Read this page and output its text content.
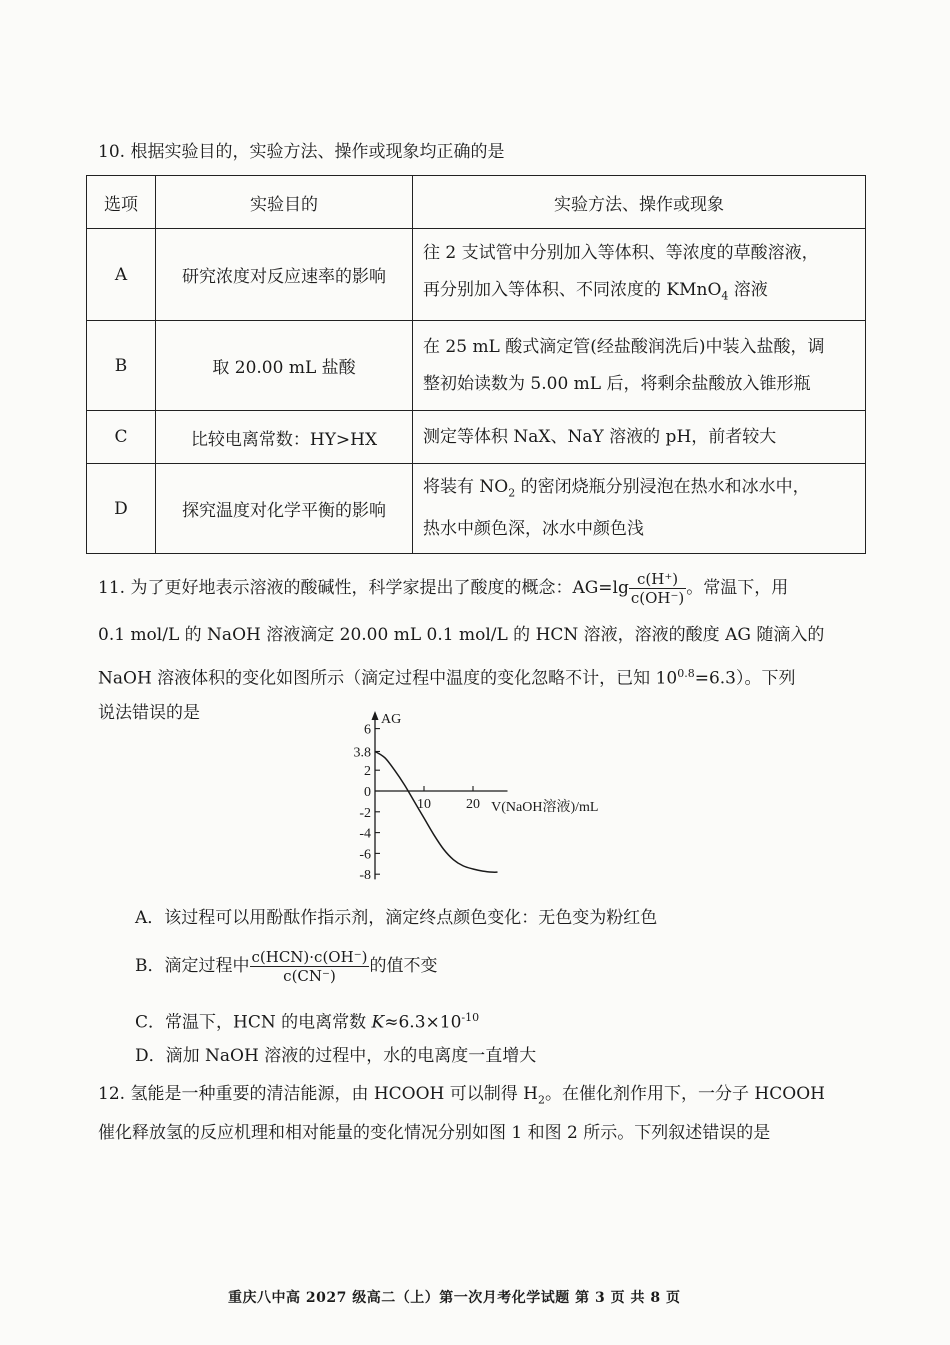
10. 根据实验目的，实验方法、操作或现象均正确的是
选项	实验目的	实验方法、操作或现象
A	研究浓度对反应速率的影响	往 2 支试管中分别加入等体积、等浓度的草酸溶液，
再分别加入等体积、不同浓度的 KMnO$_4$ 溶液

B	取 20.00 mL 盐酸	在 25 mL 酸式滴定管(经盐酸润洗后)中装入盐酸，调
整初始读数为 5.00 mL 后，将剩余盐酸放入锥形瓶

C	比较电离常数：HY>HX	测定等体积 NaX、NaY 溶液的 pH，前者较大

D	探究温度对化学平衡的影响	将装有 $NO_2$ 的密闭烧瓶分别浸泡在热水和冰水中，
热水中颜色深，冰水中颜色浅
11. 为了更好地表示溶液的酸碱性，科学家提出了酸度的概念：$AG=\lg \frac{c(H^+)}{c(OH^-)}$ 。常温下，用
0.1 mol/L 的 NaOH 溶液滴定 20.00 mL 0.1 mol/L 的 HCN 溶液，溶液的酸度 AG 随滴入的
NaOH 溶液体积的变化如图所示（滴定过程中温度的变化忽略不计，已知 $10^{0.8}=6.3$）。下列
说法错误的是	AG
V(NaOH溶液)/mL
6
3.8
2
0
-2
-4
-6
-8
10	20
A．该过程可以用酚酞作指示剂，滴定终点颜色变化：无色变为粉红色
B．滴定过程中 $\frac{\text{c(HCN)·c(OH⁻)}}{c(CN^-)}$ 的值不变
C．常温下，HCN 的电离常数 $K\approx 6.3\times 10^{-10}$
D．滴加 NaOH 溶液的过程中，水的电离度一直增大
12. 氢能是一种重要的清洁能源，由 HCOOH 可以制得 $H_2$。在催化剂作用下，一分子 HCOOH
催化释放氢的反应机理和相对能量的变化情况分别如图 1 和图 2 所示。下列叙述错误的是
重庆八中高 2027 级高二（上）第一次月考化学试题 第 3 页 共 8 页
